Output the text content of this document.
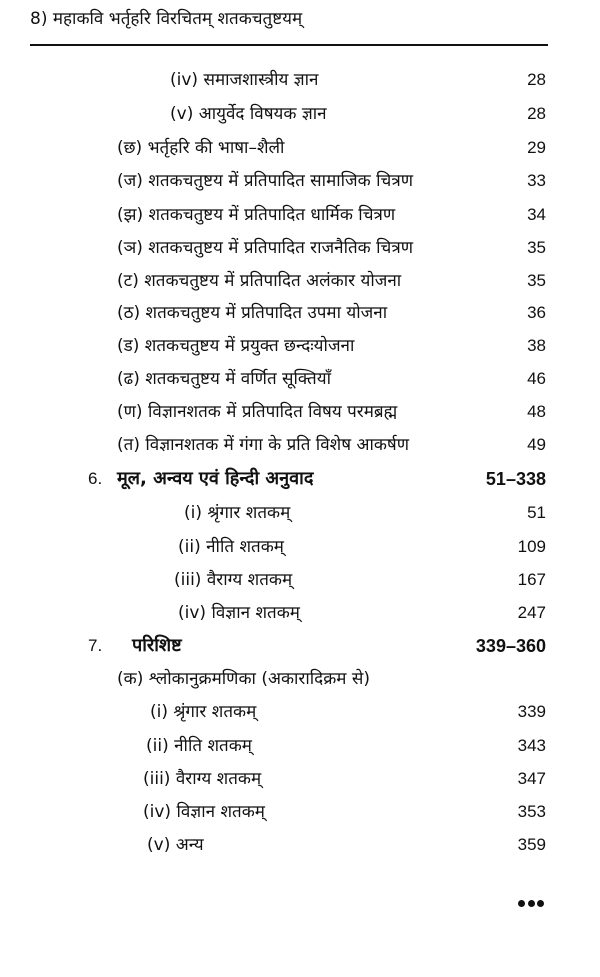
8) महाकवि भर्तृहरि विरचितम् शतकचतुष्टयम्
(iv) समाजशास्त्रीय ज्ञान	28
(v) आयुर्वेद विषयक ज्ञान	28
(छ) भर्तृहरि की भाषा–शैली	29
(ज) शतकचतुष्टय में प्रतिपादित सामाजिक चित्रण	33
(झ) शतकचतुष्टय में प्रतिपादित धार्मिक चित्रण	34
(ञ) शतकचतुष्टय में प्रतिपादित राजनैतिक चित्रण	35
(ट) शतकचतुष्टय में प्रतिपादित अलंकार योजना	35
(ठ) शतकचतुष्टय में प्रतिपादित उपमा योजना	36
(ड) शतकचतुष्टय में प्रयुक्त छन्दःयोजना	38
(ढ) शतकचतुष्टय में वर्णित सूक्तियाँ	46
(ण) विज्ञानशतक में प्रतिपादित विषय परमब्रह्म	48
(त) विज्ञानशतक में गंगा के प्रति विशेष आकर्षण	49
6. मूल, अन्वय एवं हिन्दी अनुवाद	51–338
(i) श्रृंगार शतकम्	51
(ii) नीति शतकम्	109
(iii) वैराग्य शतकम्	167
(iv) विज्ञान शतकम्	247
7. परिशिष्ट	339–360
(क) श्लोकानुक्रमणिका (अकारादिक्रम से)
(i) श्रृंगार शतकम्	339
(ii) नीति शतकम्	343
(iii) वैराग्य शतकम्	347
(iv) विज्ञान शतकम्	353
(v) अन्य	359
